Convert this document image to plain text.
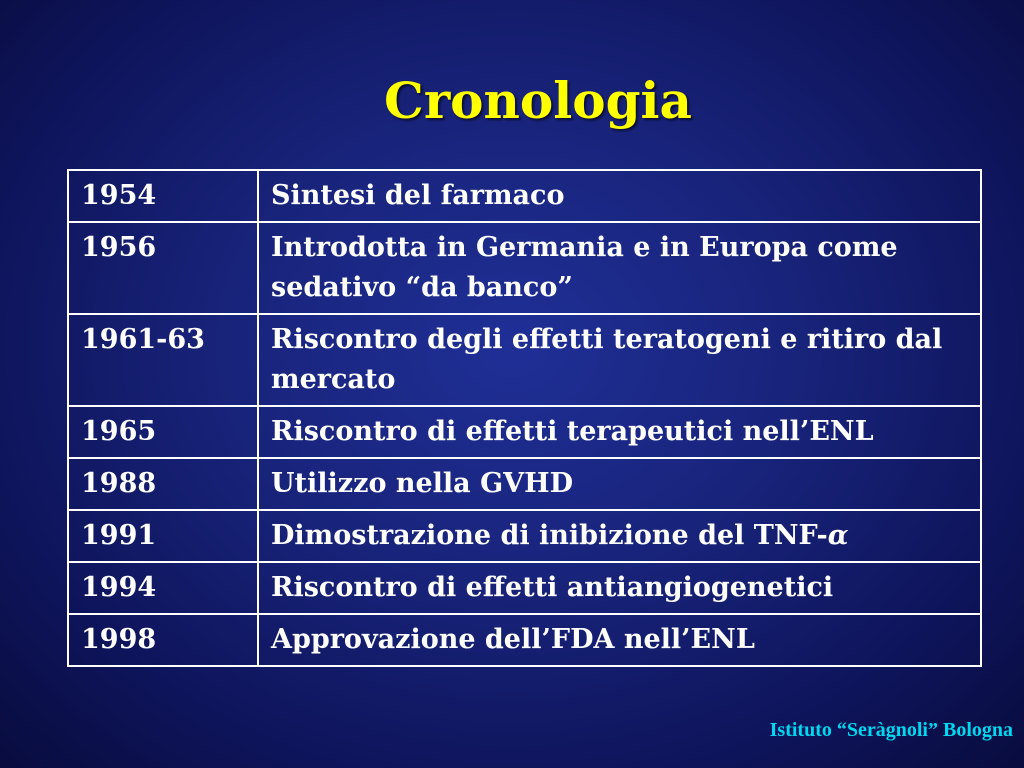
Cronologia
1954	Sintesi del farmaco
1956	Introdotta in Germania e in Europa come sedativo “da banco”
1961-63	Riscontro degli effetti teratogeni e ritiro dal mercato
1965	Riscontro di effetti terapeutici nell’ENL
1988	Utilizzo nella GVHD
1991	Dimostrazione di inibizione del TNF-α
1994	Riscontro di effetti antiangiogenetici
1998	Approvazione dell’FDA nell’ENL
Istituto “Seràgnoli” Bologna
